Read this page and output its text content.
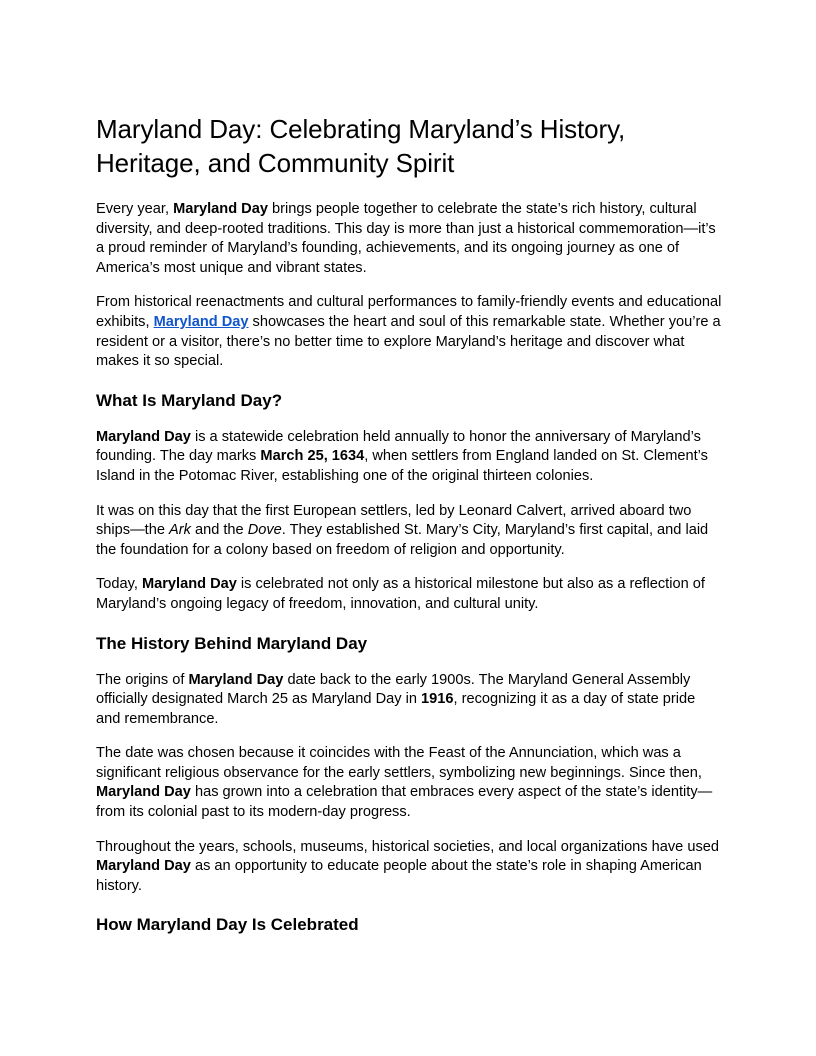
Maryland Day: Celebrating Maryland’s History, Heritage, and Community Spirit

Every year, Maryland Day brings people together to celebrate the state’s rich history, cultural diversity, and deep-rooted traditions. This day is more than just a historical commemoration—it’s a proud reminder of Maryland’s founding, achievements, and its ongoing journey as one of America’s most unique and vibrant states.

From historical reenactments and cultural performances to family-friendly events and educational exhibits, Maryland Day showcases the heart and soul of this remarkable state. Whether you’re a resident or a visitor, there’s no better time to explore Maryland’s heritage and discover what makes it so special.

What Is Maryland Day?

Maryland Day is a statewide celebration held annually to honor the anniversary of Maryland’s founding. The day marks March 25, 1634, when settlers from England landed on St. Clement’s Island in the Potomac River, establishing one of the original thirteen colonies.

It was on this day that the first European settlers, led by Leonard Calvert, arrived aboard two ships—the Ark and the Dove. They established St. Mary’s City, Maryland’s first capital, and laid the foundation for a colony based on freedom of religion and opportunity.

Today, Maryland Day is celebrated not only as a historical milestone but also as a reflection of Maryland’s ongoing legacy of freedom, innovation, and cultural unity.

The History Behind Maryland Day

The origins of Maryland Day date back to the early 1900s. The Maryland General Assembly officially designated March 25 as Maryland Day in 1916, recognizing it as a day of state pride and remembrance.

The date was chosen because it coincides with the Feast of the Annunciation, which was a significant religious observance for the early settlers, symbolizing new beginnings. Since then, Maryland Day has grown into a celebration that embraces every aspect of the state’s identity—from its colonial past to its modern-day progress.

Throughout the years, schools, museums, historical societies, and local organizations have used Maryland Day as an opportunity to educate people about the state’s role in shaping American history.

How Maryland Day Is Celebrated
